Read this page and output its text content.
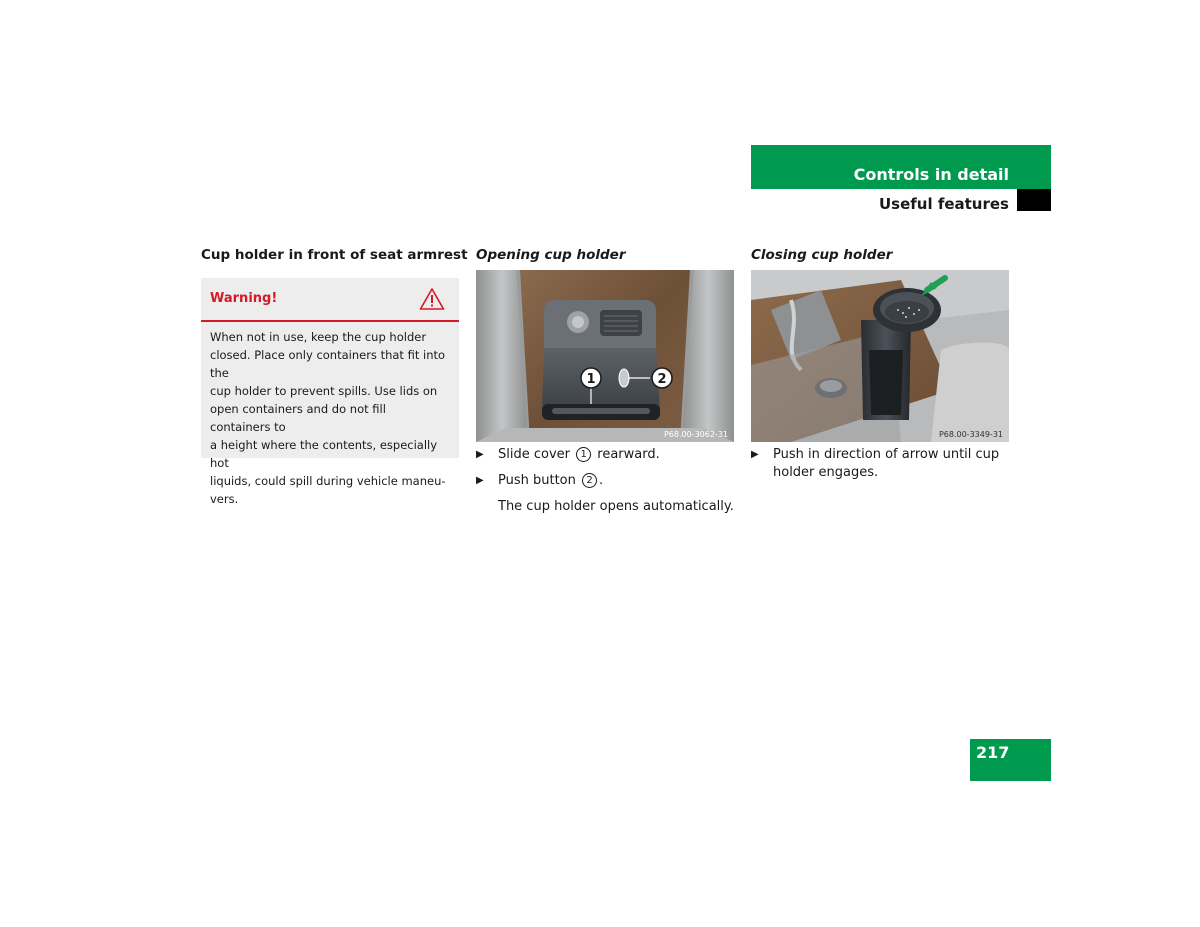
Controls in detail
Useful features
Cup holder in front of seat armrest Opening cup holder	Closing cup holder
Warning!
When not in use, keep the cup holder
closed. Place only containers that fit into the
cup holder to prevent spills. Use lids on
open containers and do not fill containers to
a height where the contents, especially hot
liquids, could spill during vehicle maneu-
vers.
1	2
P68.00-3062-31	P68.00-3349-31
▶ Slide cover 1 rearward.
▶ Push button 2 .
The cup holder opens automatically.
▶ Push in direction of arrow until cup
holder engages.
217
